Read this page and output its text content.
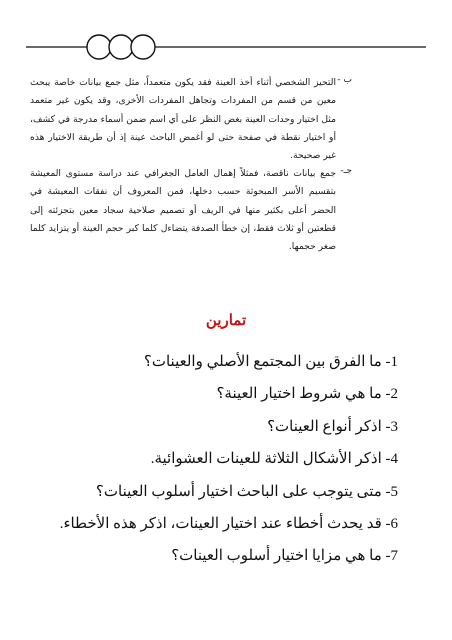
ب -
التحيز الشخصي أثناء أخذ العينة فقد يكون متعمداً، مثل جمع بيانات خاصة يبحث معين من قسم من المفردات وتجاهل المفردات الأخرى، وقد يكون غير متعمد مثل اختيار وحدات العينة بغض النظر على أي اسم ضمن أسماء مدرجة في كشف، أو اختيار نقطة في صفحة حتى لو أغمض الباحث عينة إذ أن طريقة الاختيار هذه غير صحيحة.
جـ-
جمع بيانات ناقصة، فمثلاً إهمال العامل الجغرافي عند دراسة مستوى المعيشة بتقسيم الأسر المبحوثة حسب دخلها، فمن المعروف أن نفقات المعيشة في الحضر أعلى بكثير منها في الريف أو تصميم صلاحية سجاد معين بتجزئته إلى قطعتين أو ثلاث فقط، إن خطأ الصدفة يتضاءل كلما كبر حجم العينة أو يتزايد كلما صغر حجمها.
تمارين
1- ما الفرق بين المجتمع الأصلي والعينات؟
2- ما هي شروط اختيار العينة؟
3- اذكر أنواع العينات؟
4- اذكر الأشكال الثلاثة للعينات العشوائية.
5- متى يتوجب على الباحث اختيار أسلوب العينات؟
6- قد يحدث أخطاء عند اختيار العينات، اذكر هذه الأخطاء.
7- ما هي مزايا اختيار أسلوب العينات؟
